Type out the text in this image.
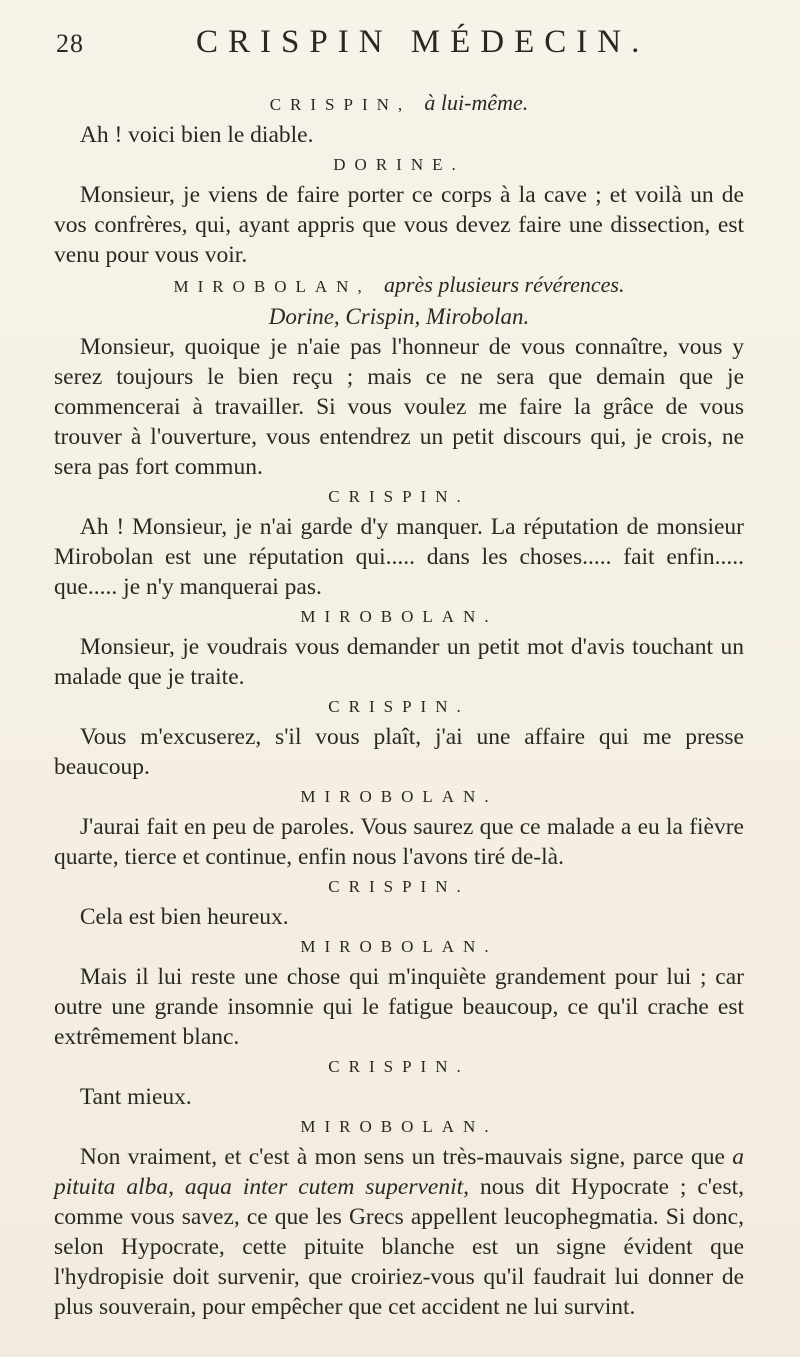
28	CRISPIN MÉDECIN.

CRISPIN, à lui-même.

Ah ! voici bien le diable.

DORINE.

Monsieur, je viens de faire porter ce corps à la cave ; et voilà un de vos confrères, qui, ayant appris que vous devez faire une dissection, est venu pour vous voir.

MIROBOLAN, après plusieurs révérences.

Dorine, Crispin, Mirobolan.

Monsieur, quoique je n'aie pas l'honneur de vous connaître, vous y serez toujours le bien reçu ; mais ce ne sera que demain que je commencerai à travailler. Si vous voulez me faire la grâce de vous trouver à l'ouverture, vous entendrez un petit discours qui, je crois, ne sera pas fort commun.

CRISPIN.

Ah ! Monsieur, je n'ai garde d'y manquer. La réputation de monsieur Mirobolan est une réputation qui..... dans les choses..... fait enfin..... que..... je n'y manquerai pas.

MIROBOLAN.

Monsieur, je voudrais vous demander un petit mot d'avis touchant un malade que je traite.

CRISPIN.

Vous m'excuserez, s'il vous plaît, j'ai une affaire qui me presse beaucoup.

MIROBOLAN.

J'aurai fait en peu de paroles. Vous saurez que ce malade a eu la fièvre quarte, tierce et continue, enfin nous l'avons tiré de-là.

CRISPIN.

Cela est bien heureux.

MIROBOLAN.

Mais il lui reste une chose qui m'inquiète grandement pour lui ; car outre une grande insomnie qui le fatigue beaucoup, ce qu'il crache est extrêmement blanc.

CRISPIN.

Tant mieux.

MIROBOLAN.

Non vraiment, et c'est à mon sens un très-mauvais signe, parce que a pituita alba, aqua inter cutem supervenit, nous dit Hypocrate ; c'est, comme vous savez, ce que les Grecs appellent leucophegmatia. Si donc, selon Hypocrate, cette pituite blanche est un signe évident que l'hydropisie doit survenir, que croiriez-vous qu'il faudrait lui donner de plus souverain, pour empêcher que cet accident ne lui survint.
